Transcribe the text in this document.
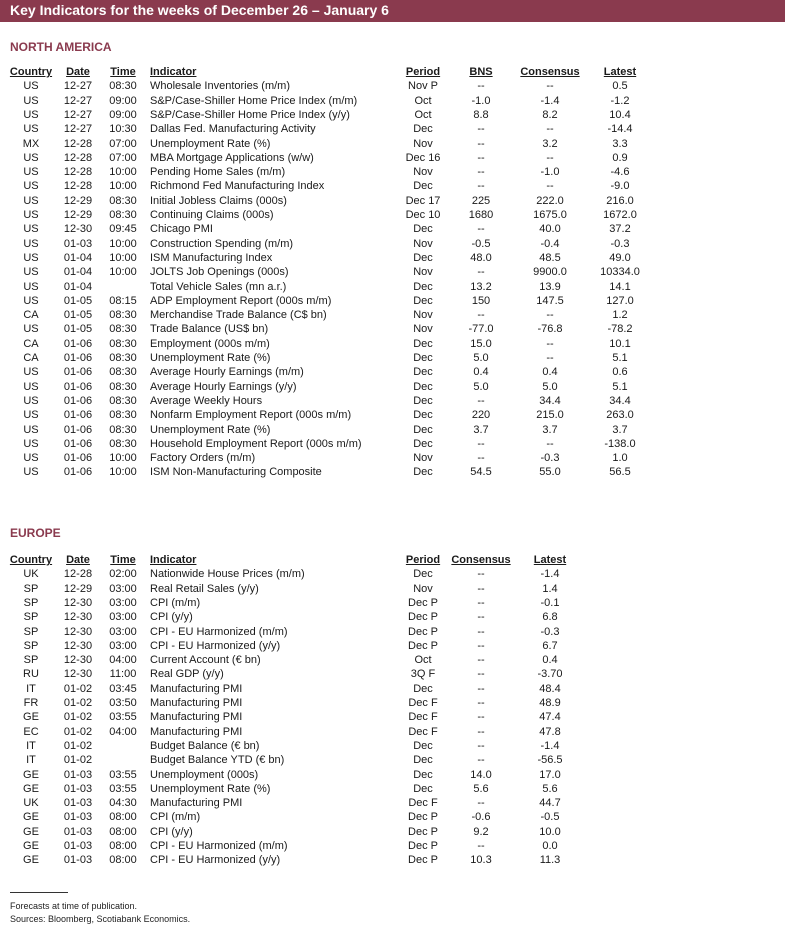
Key Indicators for the weeks of December 26 – January 6
NORTH AMERICA
Country Date Time Indicator	Period	BNS	Consensus Latest
US 12-27 08:30 Wholesale Inventories (m/m)	Nov P	--	--	0.5
US 12-27 09:00 S&P/Case-Shiller Home Price Index (m/m)	Oct	-1.0	-1.4	-1.2
US 12-27 09:00 S&P/Case-Shiller Home Price Index (y/y)	Oct	8.8	8.2	10.4
US 12-27 10:30 Dallas Fed. Manufacturing Activity	Dec	--	--	-14.4
MX 12-28 07:00 Unemployment Rate (%)	Nov	--	3.2	3.3
US 12-28 07:00 MBA Mortgage Applications (w/w)	Dec 16	--	--	0.9
US 12-28 10:00 Pending Home Sales (m/m)	Nov	--	-1.0	-4.6
US 12-28 10:00 Richmond Fed Manufacturing Index	Dec	--	--	-9.0
US 12-29 08:30 Initial Jobless Claims (000s)	Dec 17	225	222.0	216.0
US 12-29 08:30 Continuing Claims (000s)	Dec 10	1680	1675.0	1672.0
US 12-30 09:45 Chicago PMI	Dec	--	40.0	37.2
US 01-03 10:00 Construction Spending (m/m)	Nov	-0.5	-0.4	-0.3
US 01-04 10:00 ISM Manufacturing Index	Dec	48.0	48.5	49.0
US 01-04 10:00 JOLTS Job Openings (000s)	Nov	--	9900.0	10334.0
US 01-04	Total Vehicle Sales (mn a.r.)	Dec	13.2	13.9	14.1
US 01-05 08:15 ADP Employment Report (000s m/m)	Dec	150	147.5	127.0
CA 01-05 08:30 Merchandise Trade Balance (C$ bn)	Nov	--	--	1.2
US 01-05 08:30 Trade Balance (US$ bn)	Nov	-77.0	-76.8	-78.2
CA 01-06 08:30 Employment (000s m/m)	Dec	15.0	--	10.1
CA 01-06 08:30 Unemployment Rate (%)	Dec	5.0	--	5.1
US 01-06 08:30 Average Hourly Earnings (m/m)	Dec	0.4	0.4	0.6
US 01-06 08:30 Average Hourly Earnings (y/y)	Dec	5.0	5.0	5.1
US 01-06 08:30 Average Weekly Hours	Dec	--	34.4	34.4
US 01-06 08:30 Nonfarm Employment Report (000s m/m)	Dec	220	215.0	263.0
US 01-06 08:30 Unemployment Rate (%)	Dec	3.7	3.7	3.7
US 01-06 08:30 Household Employment Report (000s m/m)	Dec	--	--	-138.0
US 01-06 10:00 Factory Orders (m/m)	Nov	--	-0.3	1.0
US 01-06 10:00 ISM Non-Manufacturing Composite	Dec	54.5	55.0	56.5
EUROPE
Country Date Time Indicator	Period Consensus Latest
UK 12-28 02:00 Nationwide House Prices (m/m)	Dec	--	-1.4
SP 12-29 03:00 Real Retail Sales (y/y)	Nov	--	1.4
SP 12-30 03:00 CPI (m/m)	Dec P	--	-0.1
SP 12-30 03:00 CPI (y/y)	Dec P	--	6.8
SP 12-30 03:00 CPI - EU Harmonized (m/m)	Dec P	--	-0.3
SP 12-30 03:00 CPI - EU Harmonized (y/y)	Dec P	--	6.7
SP 12-30 04:00 Current Account (€ bn)	Oct	--	0.4
RU 12-30 11:00 Real GDP (y/y)	3Q F	--	-3.70
IT	01-02 03:45 Manufacturing PMI	Dec	--	48.4
FR 01-02 03:50 Manufacturing PMI	Dec F	--	48.9
GE 01-02 03:55 Manufacturing PMI	Dec F	--	47.4
EC 01-02 04:00 Manufacturing PMI	Dec F	--	47.8
IT	01-02	Budget Balance (€ bn)	Dec	--	-1.4
IT	01-02	Budget Balance YTD (€ bn)	Dec	--	-56.5
GE 01-03 03:55 Unemployment (000s)	Dec	14.0	17.0
GE 01-03 03:55 Unemployment Rate (%)	Dec	5.6	5.6
UK 01-03 04:30 Manufacturing PMI	Dec F	--	44.7
GE 01-03 08:00 CPI (m/m)	Dec P	-0.6	-0.5
GE 01-03 08:00 CPI (y/y)	Dec P	9.2	10.0
GE 01-03 08:00 CPI - EU Harmonized (m/m)	Dec P	--	0.0
GE 01-03 08:00 CPI - EU Harmonized (y/y)	Dec P	10.3	11.3
Forecasts at time of publication.
Sources: Bloomberg, Scotiabank Economics.
